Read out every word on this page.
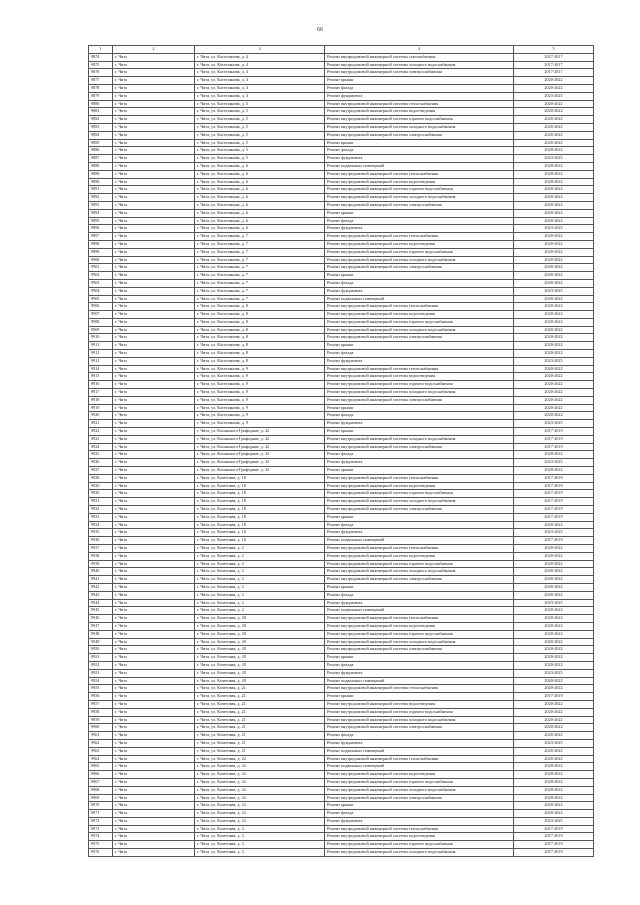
66
1	2	3	4	5
9874	г. Чита	г. Чита, ул. Кастелянова, д. 4	Ремонт внутридомовой инженерной системы газоснабжения	2017-2017
9875	г. Чита	г. Чита, ул. Кастелянова, д. 4	Ремонт внутридомовой инженерной системы холодного водоснабжения	2017-2017
9876	г. Чита	г. Чита, ул. Кастелянова, д. 4	Ремонт внутридомовой инженерной системы электроснабжения	2017-2017
9877	г. Чита	г. Чита, ул. Кастелянова, д. 4	Ремонт крыши	2020-2022
9878	г. Чита	г. Чита, ул. Кастелянова, д. 4	Ремонт фасада	2020-2022
9879	г. Чита	г. Чита, ул. Кастелянова, д. 4	Ремонт фундамента	2023-2025
9880	г. Чита	г. Чита, ул. Кастелянова, д. 5	Ремонт внутридомовой инженерной системы теплоснабжения	2020-2022
9881	г. Чита	г. Чита, ул. Кастелянова, д. 5	Ремонт внутридомовой инженерной системы водоотведения	2020-2022
9882	г. Чита	г. Чита, ул. Кастелянова, д. 5	Ремонт внутридомовой инженерной системы горячего водоснабжения	2020-2022
9883	г. Чита	г. Чита, ул. Кастелянова, д. 5	Ремонт внутридомовой инженерной системы холодного водоснабжения	2020-2022
9884	г. Чита	г. Чита, ул. Кастелянова, д. 5	Ремонт внутридомовой инженерной системы электроснабжения	2020-2022
9885	г. Чита	г. Чита, ул. Кастелянова, д. 5	Ремонт крыши	2020-2022
9886	г. Чита	г. Чита, ул. Кастелянова, д. 5	Ремонт фасада	2020-2022
9887	г. Чита	г. Чита, ул. Кастелянова, д. 5	Ремонт фундамента	2023-2025
9888	г. Чита	г. Чита, ул. Кастелянова, д. 6	Ремонт подвальных помещений	2020-2022
9889	г. Чита	г. Чита, ул. Кастелянова, д. 6	Ремонт внутридомовой инженерной системы теплоснабжения	2020-2022
9890	г. Чита	г. Чита, ул. Кастелянова, д. 6	Ремонт внутридомовой инженерной системы водоотведения	2020-2022
9891	г. Чита	г. Чита, ул. Кастелянова, д. 6	Ремонт внутридомовой инженерной системы горячего водоснабжения	2020-2022
9892	г. Чита	г. Чита, ул. Кастелянова, д. 6	Ремонт внутридомовой инженерной системы холодного водоснабжения	2020-2022
9893	г. Чита	г. Чита, ул. Кастелянова, д. 6	Ремонт внутридомовой инженерной системы электроснабжения	2020-2022
9894	г. Чита	г. Чита, ул. Кастелянова, д. 6	Ремонт крыши	2020-2022
9895	г. Чита	г. Чита, ул. Кастелянова, д. 6	Ремонт фасада	2020-2022
9896	г. Чита	г. Чита, ул. Кастелянова, д. 6	Ремонт фундамента	2023-2025
9897	г. Чита	г. Чита, ул. Кастелянова, д. 7	Ремонт внутридомовой инженерной системы теплоснабжения	2020-2022
9898	г. Чита	г. Чита, ул. Кастелянова, д. 7	Ремонт внутридомовой инженерной системы водоотведения	2020-2022
9899	г. Чита	г. Чита, ул. Кастелянова, д. 7	Ремонт внутридомовой инженерной системы горячего водоснабжения	2020-2022
9900	г. Чита	г. Чита, ул. Кастелянова, д. 7	Ремонт внутридомовой инженерной системы холодного водоснабжения	2020-2022
9901	г. Чита	г. Чита, ул. Кастелянова, д. 7	Ремонт внутридомовой инженерной системы электроснабжения	2020-2022
9902	г. Чита	г. Чита, ул. Кастелянова, д. 7	Ремонт крыши	2020-2022
9903	г. Чита	г. Чита, ул. Кастелянова, д. 7	Ремонт фасада	2020-2022
9904	г. Чита	г. Чита, ул. Кастелянова, д. 7	Ремонт фундамента	2023-2025
9905	г. Чита	г. Чита, ул. Кастелянова, д. 7	Ремонт подвальных помещений	2020-2022
9906	г. Чита	г. Чита, ул. Кастелянова, д. 8	Ремонт внутридомовой инженерной системы теплоснабжения	2020-2022
9907	г. Чита	г. Чита, ул. Кастелянова, д. 8	Ремонт внутридомовой инженерной системы водоотведения	2020-2022
9908	г. Чита	г. Чита, ул. Кастелянова, д. 8	Ремонт внутридомовой инженерной системы горячего водоснабжения	2020-2022
9909	г. Чита	г. Чита, ул. Кастелянова, д. 8	Ремонт внутридомовой инженерной системы холодного водоснабжения	2020-2022
9910	г. Чита	г. Чита, ул. Кастелянова, д. 8	Ремонт внутридомовой инженерной системы электроснабжения	2020-2022
9911	г. Чита	г. Чита, ул. Кастелянова, д. 8	Ремонт крыши	2020-2022
9912	г. Чита	г. Чита, ул. Кастелянова, д. 8	Ремонт фасада	2020-2022
9913	г. Чита	г. Чита, ул. Кастелянова, д. 8	Ремонт фундамента	2023-2025
9914	г. Чита	г. Чита, ул. Кастелянова, д. 9	Ремонт внутридомовой инженерной системы теплоснабжения	2020-2022
9915	г. Чита	г. Чита, ул. Кастелянова, д. 9	Ремонт внутридомовой инженерной системы водоотведения	2020-2022
9916	г. Чита	г. Чита, ул. Кастелянова, д. 9	Ремонт внутридомовой инженерной системы горячего водоснабжения	2020-2022
9917	г. Чита	г. Чита, ул. Кастелянова, д. 9	Ремонт внутридомовой инженерной системы холодного водоснабжения	2020-2022
9918	г. Чита	г. Чита, ул. Кастелянова, д. 9	Ремонт внутридомовой инженерной системы электроснабжения	2020-2022
9919	г. Чита	г. Чита, ул. Кастелянова, д. 9	Ремонт крыши	2020-2022
9920	г. Чита	г. Чита, ул. Кастелянова, д. 9	Ремонт фасада	2020-2022
9921	г. Чита	г. Чита, ул. Кастелянова, д. 9	Ремонт фундамента	2023-2025
9922	г. Чита	г. Чита, ул. Коханового-Грифоряне, д. 42	Ремонт крыши	2017-2019
9923	г. Чита	г. Чита, ул. Коханового-Грифоряне, д. 42	Ремонт внутридомовой инженерной системы холодного водоснабжения	2017-2019
9924	г. Чита	г. Чита, ул. Коханового-Грифоряне, д. 42	Ремонт внутридомовой инженерной системы электроснабжения	2017-2019
9925	г. Чита	г. Чита, ул. Коханового-Грифоряне, д. 42	Ремонт фасада	2020-2022
9926	г. Чита	г. Чита, ул. Коханового-Грифоряне, д. 42	Ремонт фундамента	2023-2025
9927	г. Чита	г. Чита, ул. Коханового-Грифоряне, д. 42	Ремонт крыши	2020-2022
9928	г. Чита	г. Чита, ул. Кочетовая, д. 18	Ремонт внутридомовой инженерной системы теплоснабжения	2017-2019
9929	г. Чита	г. Чита, ул. Кочетовая, д. 18	Ремонт внутридомовой инженерной системы водоотведения	2017-2019
9930	г. Чита	г. Чита, ул. Кочетовая, д. 18	Ремонт внутридомовой инженерной системы горячего водоснабжения	2017-2019
9931	г. Чита	г. Чита, ул. Кочетовая, д. 18	Ремонт внутридомовой инженерной системы холодного водоснабжения	2017-2019
9932	г. Чита	г. Чита, ул. Кочетовая, д. 18	Ремонт внутридомовой инженерной системы электроснабжения	2017-2019
9933	г. Чита	г. Чита, ул. Кочетовая, д. 18	Ремонт крыши	2017-2019
9934	г. Чита	г. Чита, ул. Кочетовая, д. 18	Ремонт фасада	2020-2022
9935	г. Чита	г. Чита, ул. Кочетовая, д. 18	Ремонт фундамента	2023-2025
9936	г. Чита	г. Чита, ул. Кочетовая, д. 18	Ремонт подвальных помещений	2017-2019
9937	г. Чита	г. Чита, ул. Кочетовая, д. 2	Ремонт внутридомовой инженерной системы теплоснабжения	2020-2022
9938	г. Чита	г. Чита, ул. Кочетовая, д. 2	Ремонт внутридомовой инженерной системы водоотведения	2020-2022
9939	г. Чита	г. Чита, ул. Кочетовая, д. 2	Ремонт внутридомовой инженерной системы горячего водоснабжения	2020-2022
9940	г. Чита	г. Чита, ул. Кочетовая, д. 2	Ремонт внутридомовой инженерной системы холодного водоснабжения	2020-2022
9941	г. Чита	г. Чита, ул. Кочетовая, д. 2	Ремонт внутридомовой инженерной системы электроснабжения	2020-2022
9942	г. Чита	г. Чита, ул. Кочетовая, д. 2	Ремонт крыши	2020-2022
9943	г. Чита	г. Чита, ул. Кочетовая, д. 2	Ремонт фасада	2020-2022
9944	г. Чита	г. Чита, ул. Кочетовая, д. 2	Ремонт фундамента	2023-2025
9945	г. Чита	г. Чита, ул. Кочетовая, д. 2	Ремонт подвальных помещений	2020-2022
9946	г. Чита	г. Чита, ул. Кочетовая, д. 20	Ремонт внутридомовой инженерной системы теплоснабжения	2020-2022
9947	г. Чита	г. Чита, ул. Кочетовая, д. 20	Ремонт внутридомовой инженерной системы водоотведения	2020-2022
9948	г. Чита	г. Чита, ул. Кочетовая, д. 20	Ремонт внутридомовой инженерной системы горячего водоснабжения	2020-2022
9949	г. Чита	г. Чита, ул. Кочетовая, д. 20	Ремонт внутридомовой инженерной системы холодного водоснабжения	2020-2022
9950	г. Чита	г. Чита, ул. Кочетовая, д. 20	Ремонт внутридомовой инженерной системы электроснабжения	2020-2022
9951	г. Чита	г. Чита, ул. Кочетовая, д. 20	Ремонт крыши	2020-2022
9952	г. Чита	г. Чита, ул. Кочетовая, д. 20	Ремонт фасада	2020-2022
9953	г. Чита	г. Чита, ул. Кочетовая, д. 20	Ремонт фундамента	2023-2025
9954	г. Чита	г. Чита, ул. Кочетовая, д. 20	Ремонт подвальных помещений	2020-2022
9955	г. Чита	г. Чита, ул. Кочетовая, д. 21	Ремонт внутридомовой инженерной системы теплоснабжения	2020-2022
9956	г. Чита	г. Чита, ул. Кочетовая, д. 21	Ремонт крыши	2017-2019
9957	г. Чита	г. Чита, ул. Кочетовая, д. 21	Ремонт внутридомовой инженерной системы водоотведения	2020-2022
9958	г. Чита	г. Чита, ул. Кочетовая, д. 21	Ремонт внутридомовой инженерной системы горячего водоснабжения	2020-2022
9959	г. Чита	г. Чита, ул. Кочетовая, д. 21	Ремонт внутридомовой инженерной системы холодного водоснабжения	2020-2022
9960	г. Чита	г. Чита, ул. Кочетовая, д. 21	Ремонт внутридомовой инженерной системы электроснабжения	2020-2022
9961	г. Чита	г. Чита, ул. Кочетовая, д. 21	Ремонт фасада	2020-2022
9962	г. Чита	г. Чита, ул. Кочетовая, д. 21	Ремонт фундамента	2023-2025
9963	г. Чита	г. Чита, ул. Кочетовая, д. 21	Ремонт подвальных помещений	2020-2022
9964	г. Чита	г. Чита, ул. Кочетовая, д. 22	Ремонт внутридомовой инженерной системы теплоснабжения	2020-2022
9965	г. Чита	г. Чита, ул. Кочетовая, д. 22	Ремонт подвальных помещений	2020-2022
9966	г. Чита	г. Чита, ул. Кочетовая, д. 22	Ремонт внутридомовой инженерной системы водоотведения	2020-2022
9967	г. Чита	г. Чита, ул. Кочетовая, д. 22	Ремонт внутридомовой инженерной системы горячего водоснабжения	2020-2022
9968	г. Чита	г. Чита, ул. Кочетовая, д. 22	Ремонт внутридомовой инженерной системы холодного водоснабжения	2020-2022
9969	г. Чита	г. Чита, ул. Кочетовая, д. 22	Ремонт внутридомовой инженерной системы электроснабжения	2020-2022
9970	г. Чита	г. Чита, ул. Кочетовая, д. 22	Ремонт крыши	2020-2022
9971	г. Чита	г. Чита, ул. Кочетовая, д. 22	Ремонт фасада	2020-2022
9972	г. Чита	г. Чита, ул. Кочетовая, д. 22	Ремонт фундамента	2023-2025
9973	г. Чита	г. Чита, ул. Кочетовая, д. 3	Ремонт внутридомовой инженерной системы теплоснабжения	2017-2019
9974	г. Чита	г. Чита, ул. Кочетовая, д. 3	Ремонт внутридомовой инженерной системы водоотведения	2017-2019
9975	г. Чита	г. Чита, ул. Кочетовая, д. 3	Ремонт внутридомовой инженерной системы горячего водоснабжения	2017-2019
9976	г. Чита	г. Чита, ул. Кочетовая, д. 3	Ремонт внутридомовой инженерной системы холодного водоснабжения	2017-2019
